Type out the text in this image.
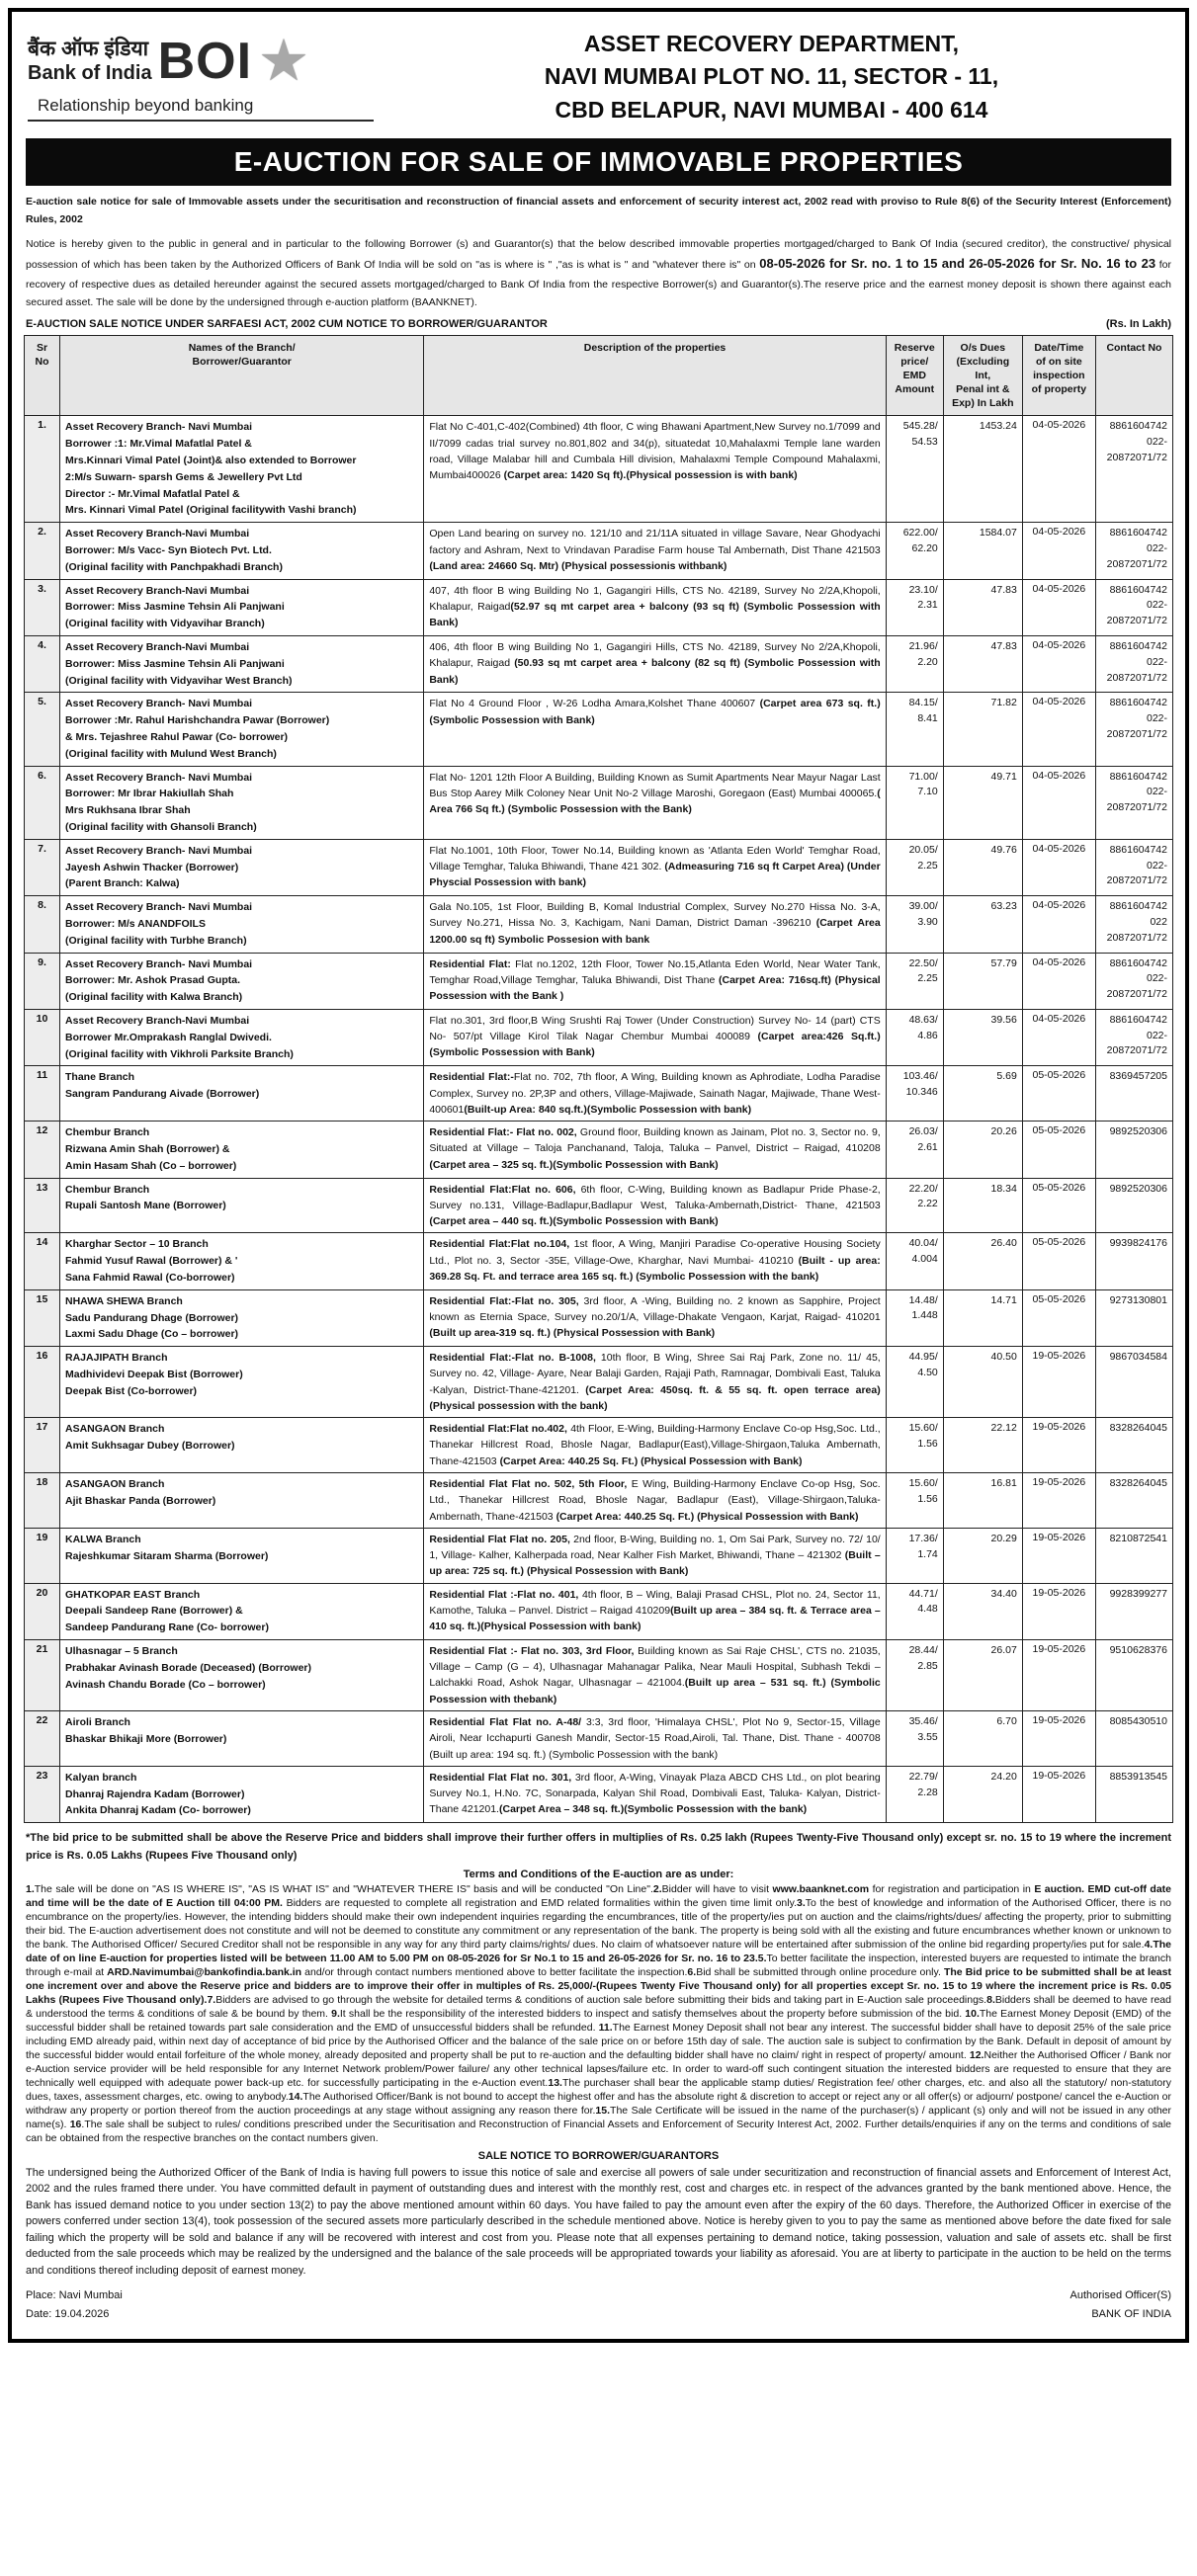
बैंक ऑफ इंडिया
Bank of India BOI ★
Relationship beyond banking
ASSET RECOVERY DEPARTMENT,
NAVI MUMBAI PLOT NO. 11, SECTOR - 11,
CBD BELAPUR, NAVI MUMBAI - 400 614
E-AUCTION FOR SALE OF IMMOVABLE PROPERTIES
E-auction sale notice for sale of Immovable assets under the securitisation and reconstruction of financial assets and enforcement of security interest act, 2002 read with proviso to Rule 8(6) of the Security Interest (Enforcement) Rules, 2002
Notice is hereby given to the public in general and in particular to the following Borrower (s) and Guarantor(s) that the below described immovable properties mortgaged/charged to Bank Of India (secured creditor), the constructive/ physical possession of which has been taken by the Authorized Officers of Bank Of India will be sold on "as is where is " ,"as is what is " and "whatever there is" on 08-05-2026 for Sr. no. 1 to 15 and 26-05-2026 for Sr. No. 16 to 23 for recovery of respective dues as detailed hereunder against the secured assets mortgaged/charged to Bank Of India from the respective Borrower(s) and Guarantor(s).The reserve price and the earnest money deposit is shown there against each secured asset. The sale will be done by the undersigned through e-auction platform (BAANKNET).
E-AUCTION SALE NOTICE UNDER SARFAESI ACT, 2002 CUM NOTICE TO BORROWER/GUARANTOR	(Rs. In Lakh)
Sr
No

Names of the Branch/
Borrower/Guarantor

Description of the properties	Reserve
price/
EMD
Amount

O/s Dues
(Excluding
Int,
Penal int &
Exp) In Lakh

Date/Time
of on site
inspection
of property

Contact No

1.	Asset Recovery Branch- Navi Mumbai
Borrower :1: Mr.Vimal Mafatlal Patel &
Mrs.Kinnari Vimal Patel (Joint)& also extended to Borrower
2:M/s Suwarn- sparsh Gems & Jewellery Pvt Ltd
Director :- Mr.Vimal Mafatlal Patel &
Mrs. Kinnari Vimal Patel (Original facilitywith Vashi branch)
	Flat No C-401,C-402(Combined) 4th floor, C wing Bhawani Apartment,New Survey no.1/7099 and II/7099 cadas trial survey no.801,802 and 34(p), situatedat 10,Mahalaxmi Temple lane warden road, Village Malabar hill and Cumbala Hill division, Mahalaxmi Temple Compound Mahalaxmi, Mumbai400026 (Carpet area: 1420 Sq ft).(Physical possession is with bank)	
545.28/
54.53
	1453.24	04-05-2026	8861604742
022-
20872071/72

2.	Asset Recovery Branch-Navi Mumbai
Borrower: M/s Vacc- Syn Biotech Pvt. Ltd.
(Original facility with Panchpakhadi Branch)
	Open Land bearing on survey no. 121/10 and 21/11A situated in village Savare, Near Ghodyachi factory and Ashram, Next to Vrindavan Paradise Farm house Tal Ambernath, Dist Thane 421503 (Land area: 24660 Sq. Mtr) (Physical possessionis withbank)	
622.00/
62.20
	1584.07	04-05-2026	8861604742
022-
20872071/72

3.	Asset Recovery Branch-Navi Mumbai
Borrower: Miss Jasmine Tehsin Ali Panjwani
(Original facility with Vidyavihar Branch)
	407, 4th floor B wing Building No 1, Gagangiri Hills, CTS No. 42189, Survey No 2/2A,Khopoli, Khalapur, Raigad(52.97 sq mt carpet area + balcony (93 sq ft) (Symbolic Possession with Bank)	
23.10/
2.31
	47.83	04-05-2026	8861604742
022-
20872071/72

4.	Asset Recovery Branch-Navi Mumbai
Borrower: Miss Jasmine Tehsin Ali Panjwani
(Original facility with Vidyavihar West Branch)
	406, 4th floor B wing Building No 1, Gagangiri Hills, CTS No. 42189, Survey No 2/2A,Khopoli, Khalapur, Raigad (50.93 sq mt carpet area + balcony (82 sq ft) (Symbolic Possession with Bank)	
21.96/
2.20
	47.83	04-05-2026	8861604742
022-
20872071/72

5.	Asset Recovery Branch- Navi Mumbai
Borrower :Mr. Rahul Harishchandra Pawar (Borrower)
& Mrs. Tejashree Rahul Pawar (Co- borrower)
(Original facility with Mulund West Branch)
	Flat No 4 Ground Floor , W-26 Lodha Amara,Kolshet Thane 400607 (Carpet area 673 sq. ft.) (Symbolic Possession with Bank)	
84.15/
8.41
	71.82	04-05-2026	8861604742
022-
20872071/72

6.	Asset Recovery Branch- Navi Mumbai
Borrower: Mr Ibrar Hakiullah Shah
Mrs Rukhsana Ibrar Shah
(Original facility with Ghansoli Branch)
	Flat No- 1201 12th Floor A Building, Building Known as Sumit Apartments Near Mayur Nagar Last Bus Stop Aarey Milk Coloney Near Unit No-2 Village Maroshi, Goregaon (East) Mumbai 400065.( Area 766 Sq ft.) (Symbolic Possession with the Bank)	
71.00/
7.10
	49.71	04-05-2026	8861604742
022-
20872071/72

7.	Asset Recovery Branch- Navi Mumbai
Jayesh Ashwin Thacker (Borrower)
(Parent Branch: Kalwa)
	Flat No.1001, 10th Floor, Tower No.14, Building known as 'Atlanta Eden World' Temghar Road, Village Temghar, Taluka Bhiwandi, Thane 421 302. (Admeasuring 716 sq ft Carpet Area) (Under Physcial Possession with bank)	
20.05/
2.25
	49.76	04-05-2026	8861604742
022-
20872071/72

8.	Asset Recovery Branch- Navi Mumbai
Borrower: M/s ANANDFOILS
(Original facility with Turbhe Branch)
	Gala No.105, 1st Floor, Building B, Komal Industrial Complex, Survey No.270 Hissa No. 3-A, Survey No.271, Hissa No. 3, Kachigam, Nani Daman, District Daman -396210 (Carpet Area 1200.00 sq ft) Symbolic Possesion with bank	
39.00/
3.90
	63.23	04-05-2026	8861604742
022
20872071/72

9.	Asset Recovery Branch- Navi Mumbai
Borrower: Mr. Ashok Prasad Gupta.
(Original facility with Kalwa Branch)
	Residential Flat: Flat no.1202, 12th Floor, Tower No.15,Atlanta Eden World, Near Water Tank, Temghar Road,Village Temghar, Taluka Bhiwandi, Dist Thane (Carpet Area: 716sq.ft) (Physical Possession with the Bank )	
22.50/
2.25
	57.79	04-05-2026	8861604742
022-
20872071/72

10	Asset Recovery Branch-Navi Mumbai
Borrower Mr.Omprakash Ranglal Dwivedi.
(Original facility with Vikhroli Parksite Branch)
	Flat no.301, 3rd floor,B Wing Srushti Raj Tower (Under Construction) Survey No- 14 (part) CTS No- 507/pt Village Kirol Tilak Nagar Chembur Mumbai 400089 (Carpet area:426 Sq.ft.) (Symbolic Possession with Bank)	
48.63/
4.86
	39.56	04-05-2026	8861604742
022-
20872071/72

11	Thane Branch
Sangram Pandurang Aivade (Borrower)
	Residential Flat:-Flat no. 702, 7th floor, A Wing, Building known as Aphrodiate, Lodha Paradise Complex, Survey no. 2P,3P and others, Village-Majiwade, Sainath Nagar, Majiwade, Thane West-400601(Built-up Area: 840 sq.ft.)(Symbolic Possession with bank)	
103.46/
10.346
	5.69	05-05-2026	8369457205

12	Chembur Branch
Rizwana Amin Shah (Borrower) &
Amin Hasam Shah (Co – borrower)
	Residential Flat:- Flat no. 002, Ground floor, Building known as Jainam, Plot no. 3, Sector no. 9, Situated at Village – Taloja Panchanand, Taloja, Taluka – Panvel, District – Raigad, 410208 (Carpet area – 325 sq. ft.)(Symbolic Possession with Bank)	
26.03/
2.61
	20.26	05-05-2026	9892520306

13	Chembur Branch
Rupali Santosh Mane (Borrower)
	Residential Flat:Flat no. 606, 6th floor, C-Wing, Building known as Badlapur Pride Phase-2, Survey no.131, Village-Badlapur,Badlapur West, Taluka-Ambernath,District- Thane, 421503 (Carpet area – 440 sq. ft.)(Symbolic Possession with Bank)	
22.20/
2.22
	18.34	05-05-2026	9892520306

14	Kharghar Sector – 10 Branch
Fahmid Yusuf Rawal (Borrower) & '
Sana Fahmid Rawal (Co-borrower)
	Residential Flat:Flat no.104, 1st floor, A Wing, Manjiri Paradise Co-operative Housing Society Ltd., Plot no. 3, Sector -35E, Village-Owe, Kharghar, Navi Mumbai- 410210 (Built - up area: 369.28 Sq. Ft. and terrace area 165 sq. ft.) (Symbolic Possession with the bank)	
40.04/
4.004
	26.40	05-05-2026	9939824176

15	NHAWA SHEWA Branch
Sadu Pandurang Dhage (Borrower)
Laxmi Sadu Dhage (Co – borrower)
	Residential Flat:-Flat no. 305, 3rd floor, A -Wing, Building no. 2 known as Sapphire, Project known as Eternia Space, Survey no.20/1/A, Village-Dhakate Vengaon, Karjat, Raigad- 410201 (Built up area-319 sq. ft.) (Physical Possession with Bank)	
14.48/
1.448
	14.71	05-05-2026	9273130801

16	RAJAJIPATH Branch
Madhividevi Deepak Bist (Borrower)
Deepak Bist (Co-borrower)
	Residential Flat:-Flat no. B-1008, 10th floor, B Wing, Shree Sai Raj Park, Zone no. 11/ 45, Survey no. 42, Village- Ayare, Near Balaji Garden, Rajaji Path, Ramnagar, Dombivali East, Taluka -Kalyan, District-Thane-421201. (Carpet Area: 450sq. ft. & 55 sq. ft. open terrace area) (Physical possession with the bank)	
44.95/
4.50
	40.50	19-05-2026	9867034584

17	ASANGAON Branch
Amit Sukhsagar Dubey (Borrower)
	Residential Flat:Flat no.402, 4th Floor, E-Wing, Building-Harmony Enclave Co-op Hsg,Soc. Ltd., Thanekar Hillcrest Road, Bhosle Nagar, Badlapur(East),Village-Shirgaon,Taluka Ambernath, Thane-421503 (Carpet Area: 440.25 Sq. Ft.) (Physical Possession with Bank)	
15.60/
1.56
	22.12	19-05-2026	8328264045

18	ASANGAON Branch
Ajit Bhaskar Panda (Borrower)
	Residential Flat Flat no. 502, 5th Floor, E Wing, Building-Harmony Enclave Co-op Hsg, Soc. Ltd., Thanekar Hillcrest Road, Bhosle Nagar, Badlapur (East), Village-Shirgaon,Taluka-Ambernath, Thane-421503 (Carpet Area: 440.25 Sq. Ft.) (Physical Possession with Bank)	
15.60/
1.56
	16.81	19-05-2026	8328264045

19	KALWA Branch
Rajeshkumar Sitaram Sharma (Borrower)
	Residential Flat Flat no. 205, 2nd floor, B-Wing, Building no. 1, Om Sai Park, Survey no. 72/ 10/ 1, Village- Kalher, Kalherpada road, Near Kalher Fish Market, Bhiwandi, Thane – 421302 (Built – up area: 725 sq. ft.) (Physical Possession with Bank)	
17.36/
1.74
	20.29	19-05-2026	8210872541

20	GHATKOPAR EAST Branch
Deepali Sandeep Rane (Borrower) &
Sandeep Pandurang Rane (Co- borrower)
	Residential Flat :-Flat no. 401, 4th floor, B – Wing, Balaji Prasad CHSL, Plot no. 24, Sector 11, Kamothe, Taluka – Panvel. District – Raigad 410209(Built up area – 384 sq. ft. & Terrace area – 410 sq. ft.)(Physical Possession with bank)	
44.71/
4.48
	34.40	19-05-2026	9928399277

21	Ulhasnagar – 5 Branch
Prabhakar Avinash Borade (Deceased) (Borrower)
Avinash Chandu Borade (Co – borrower)
	Residential Flat :- Flat no. 303, 3rd Floor, Building known as Sai Raje CHSL', CTS no. 21035, Village – Camp (G – 4), Ulhasnagar Mahanagar Palika, Near Mauli Hospital, Subhash Tekdi – Lalchakki Road, Ashok Nagar, Ulhasnagar – 421004.(Built up area – 531 sq. ft.) (Symbolic Possession with thebank)	
28.44/
2.85
	26.07	19-05-2026	9510628376

22	Airoli Branch
Bhaskar Bhikaji More (Borrower)
	Residential Flat Flat no. A-48/ 3:3, 3rd floor, 'Himalaya CHSL', Plot No 9, Sector-15, Village Airoli, Near Icchapurti Ganesh Mandir, Sector-15 Road,Airoli, Tal. Thane, Dist. Thane - 400708 (Built up area: 194 sq. ft.) (Symbolic Possession with the bank)	
35.46/
3.55
	6.70	19-05-2026	8085430510

23	Kalyan branch
Dhanraj Rajendra Kadam (Borrower)
Ankita Dhanraj Kadam (Co- borrower)
	Residential Flat Flat no. 301, 3rd floor, A-Wing, Vinayak Plaza ABCD CHS Ltd., on plot bearing Survey No.1, H.No. 7C, Sonarpada, Kalyan Shil Road, Dombivali East, Taluka- Kalyan, District- Thane 421201.(Carpet Area – 348 sq. ft.)(Symbolic Possession with the bank)	
22.79/
2.28
	24.20	19-05-2026	8853913545
*The bid price to be submitted shall be above the Reserve Price and bidders shall improve their further offers in multiplies of Rs. 0.25 lakh (Rupees Twenty-Five Thousand only) except sr. no. 15 to 19 where the increment price is Rs. 0.05 Lakhs (Rupees Five Thousand only)
Terms and Conditions of the E-auction are as under:
1.The sale will be done on "AS IS WHERE IS", "AS IS WHAT IS" and "WHATEVER THERE IS" basis and will be conducted "On Line".2.Bidder will have to visit www.baanknet.com for registration and participation in E auction. EMD cut-off date and time will be the date of E Auction till 04:00 PM. Bidders are requested to complete all registration and EMD related formalities within the given time limit only.3.To the best of knowledge and information of the Authorised Officer, there is no encumbrance on the property/ies. However, the intending bidders should make their own independent inquiries regarding the encumbrances, title of the property/ies put on auction and the claims/rights/dues/ affecting the property, prior to submitting their bid. The E-auction advertisement does not constitute and will not be deemed to constitute any commitment or any representation of the bank. The property is being sold with all the existing and future encumbrances whether known or unknown to the bank. The Authorised Officer/ Secured Creditor shall not be responsible in any way for any third party claims/rights/ dues. No claim of whatsoever nature will be entertained after submission of the online bid regarding property/ies put for sale.4.The date of on line E-auction for properties listed will be between 11.00 AM to 5.00 PM on 08-05-2026 for Sr No.1 to 15 and 26-05-2026 for Sr. no. 16 to 23.5.To better facilitate the inspection, interested buyers are requested to intimate the branch through e-mail at ARD.Navimumbai@bankofindia.bank.in and/or through contact numbers mentioned above to better facilitate the inspection.6.Bid shall be submitted through online procedure only. The Bid price to be submitted shall be at least one increment over and above the Reserve price and bidders are to improve their offer in multiples of Rs. 25,000/-(Rupees Twenty Five Thousand only) for all properties except Sr. no. 15 to 19 where the increment price is Rs. 0.05 Lakhs (Rupees Five Thousand only).7.Bidders are advised to go through the website for detailed terms & conditions of auction sale before submitting their bids and taking part in E-Auction sale proceedings.8.Bidders shall be deemed to have read & understood the terms & conditions of sale & be bound by them. 9.It shall be the responsibility of the interested bidders to inspect and satisfy themselves about the property before submission of the bid. 10.The Earnest Money Deposit (EMD) of the successful bidder shall be retained towards part sale consideration and the EMD of unsuccessful bidders shall be refunded. 11.The Earnest Money Deposit shall not bear any interest. The successful bidder shall have to deposit 25% of the sale price including EMD already paid, within next day of acceptance of bid price by the Authorised Officer and the balance of the sale price on or before 15th day of sale. The auction sale is subject to confirmation by the Bank. Default in deposit of amount by the successful bidder would entail forfeiture of the whole money, already deposited and property shall be put to re-auction and the defaulting bidder shall have no claim/ right in respect of property/ amount. 12.Neither the Authorised Officer / Bank nor e-Auction service provider will be held responsible for any Internet Network problem/Power failure/ any other technical lapses/failure etc. In order to ward-off such contingent situation the interested bidders are requested to ensure that they are technically well equipped with adequate power back-up etc. for successfully participating in the e-Auction event.13.The purchaser shall bear the applicable stamp duties/ Registration fee/ other charges, etc. and also all the statutory/ non-statutory dues, taxes, assessment charges, etc. owing to anybody.14.The Authorised Officer/Bank is not bound to accept the highest offer and has the absolute right & discretion to accept or reject any or all offer(s) or adjourn/ postpone/ cancel the e-Auction or withdraw any property or portion thereof from the auction proceedings at any stage without assigning any reason there for.15.The Sale Certificate will be issued in the name of the purchaser(s) / applicant (s) only and will not be issued in any other name(s). 16.The sale shall be subject to rules/ conditions prescribed under the Securitisation and Reconstruction of Financial Assets and Enforcement of Security Interest Act, 2002. Further details/enquiries if any on the terms and conditions of sale can be obtained from the respective branches on the contact numbers given.
SALE NOTICE TO BORROWER/GUARANTORS
The undersigned being the Authorized Officer of the Bank of India is having full powers to issue this notice of sale and exercise all powers of sale under securitization and reconstruction of financial assets and Enforcement of Interest Act, 2002 and the rules framed there under. You have committed default in payment of outstanding dues and interest with the monthly rest, cost and charges etc. in respect of the advances granted by the bank mentioned above. Hence, the Bank has issued demand notice to you under section 13(2) to pay the above mentioned amount within 60 days. You have failed to pay the amount even after the expiry of the 60 days. Therefore, the Authorized Officer in exercise of the powers conferred under section 13(4), took possession of the secured assets more particularly described in the schedule mentioned above. Notice is hereby given to you to pay the same as mentioned above before the date fixed for sale failing which the property will be sold and balance if any will be recovered with interest and cost from you. Please note that all expenses pertaining to demand notice, taking possession, valuation and sale of assets etc. shall be first deducted from the sale proceeds which may be realized by the undersigned and the balance of the sale proceeds will be appropriated towards your liability as aforesaid. You are at liberty to participate in the auction to be held on the terms and conditions thereof including deposit of earnest money.
Place: Navi Mumbai
Date: 19.04.2026
Authorised Officer(S)
BANK OF INDIA
